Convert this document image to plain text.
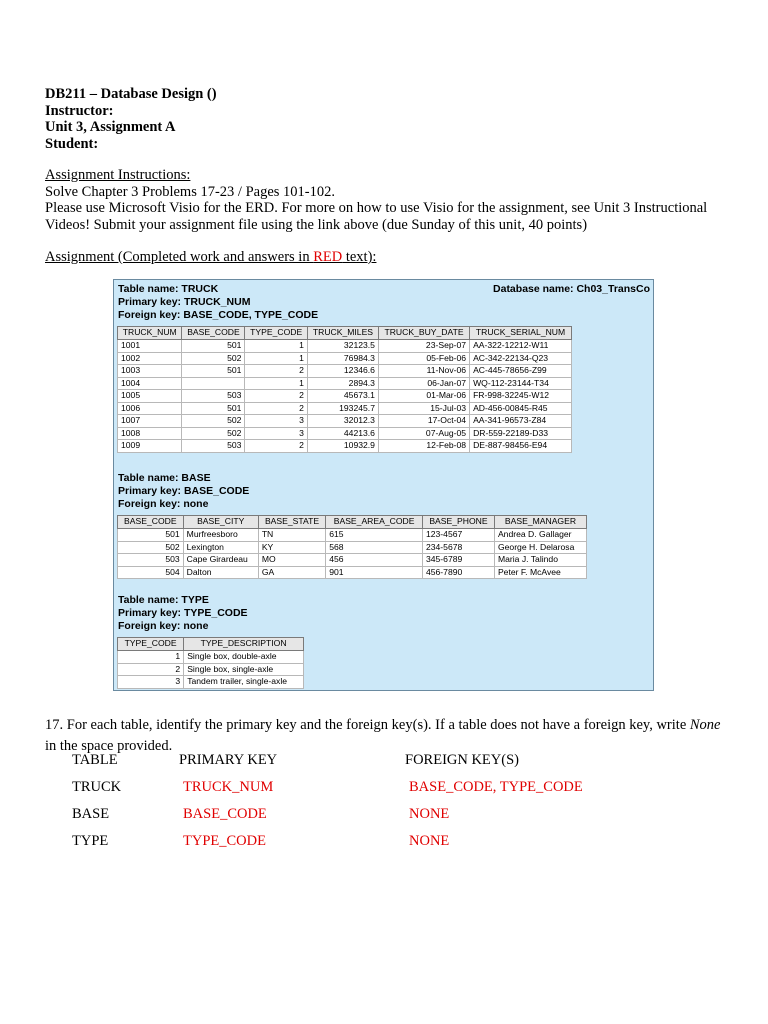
DB211 – Database Design ()
Instructor:
Unit 3, Assignment A
Student:
Assignment Instructions:
Solve Chapter 3 Problems 17-23 / Pages 101-102.
Please use Microsoft Visio for the ERD. For more on how to use Visio for the assignment, see Unit 3 Instructional Videos! Submit your assignment file using the link above (due Sunday of this unit, 40 points)
Assignment (Completed work and answers in RED text):
Database name: Ch03_TransCo
Table name: TRUCK
Primary key: TRUCK_NUM
Foreign key: BASE_CODE, TYPE_CODE
TRUCK_NUM	BASE_CODE	TYPE_CODE	TRUCK_MILES	TRUCK_BUY_DATE	TRUCK_SERIAL_NUM
1001	501	1	32123.5	23-Sep-07	AA-322-12212-W11
1002	502	1	76984.3	05-Feb-06	AC-342-22134-Q23
1003	501	2	12346.6	11-Nov-06	AC-445-78656-Z99
1004		1	2894.3	06-Jan-07	WQ-112-23144-T34
1005	503	2	45673.1	01-Mar-06	FR-998-32245-W12
1006	501	2	193245.7	15-Jul-03	AD-456-00845-R45
1007	502	3	32012.3	17-Oct-04	AA-341-96573-Z84
1008	502	3	44213.6	07-Aug-05	DR-559-22189-D33
1009	503	2	10932.9	12-Feb-08	DE-887-98456-E94
Table name: BASE
Primary key: BASE_CODE
Foreign key: none
BASE_CODE	BASE_CITY	BASE_STATE	BASE_AREA_CODE	BASE_PHONE	BASE_MANAGER
501	Murfreesboro	TN	615	123-4567	Andrea D. Gallager
502	Lexington	KY	568	234-5678	George H. Delarosa
503	Cape Girardeau	MO	456	345-6789	Maria J. Talindo
504	Dalton	GA	901	456-7890	Peter F. McAvee
Table name: TYPE
Primary key: TYPE_CODE
Foreign key: none
TYPE_CODE	TYPE_DESCRIPTION
1	Single box, double-axle
2	Single box, single-axle
3	Tandem trailer, single-axle
17. For each table, identify the primary key and the foreign key(s). If a table does not have a foreign key, write None in the space provided.
TABLE	PRIMARY KEY	FOREIGN KEY(S)
TRUCK	TRUCK_NUM	BASE_CODE, TYPE_CODE
BASE	BASE_CODE	NONE
TYPE	TYPE_CODE	NONE
